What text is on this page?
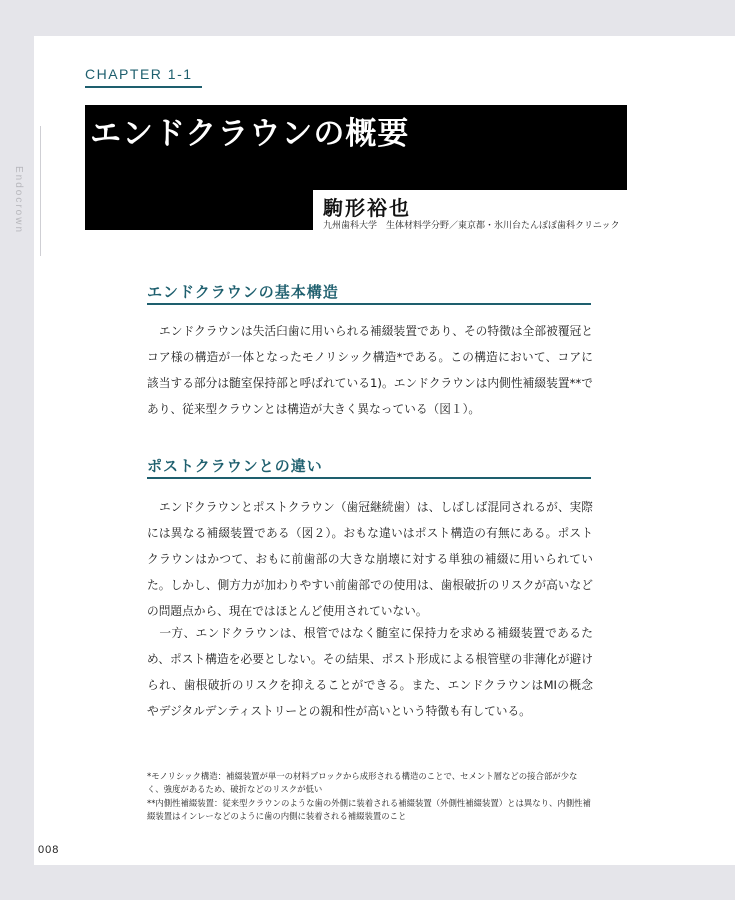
Endocrown
CHAPTER 1-1
エンドクラウンの概要
駒形裕也
九州歯科大学　生体材料学分野／東京都・氷川台たんぽぽ歯科クリニック
エンドクラウンの基本構造

エンドクラウンは失活臼歯に用いられる補綴装置であり、その特徴は全部被覆冠とコア様の構造が一体となったモノリシック構造*である。この構造において、コアに該当する部分は髄室保持部と呼ばれている1)。エンドクラウンは内側性補綴装置**であり、従来型クラウンとは構造が大きく異なっている（図１）。

ポストクラウンとの違い

エンドクラウンとポストクラウン（歯冠継続歯）は、しばしば混同されるが、実際には異なる補綴装置である（図２）。おもな違いはポスト構造の有無にある。ポストクラウンはかつて、おもに前歯部の大きな崩壊に対する単独の補綴に用いられていた。しかし、側方力が加わりやすい前歯部での使用は、歯根破折のリスクが高いなどの問題点から、現在ではほとんど使用されていない。

一方、エンドクラウンは、根管ではなく髄室に保持力を求める補綴装置であるため、ポスト構造を必要としない。その結果、ポスト形成による根管壁の非薄化が避けられ、歯根破折のリスクを抑えることができる。また、エンドクラウンはMIの概念やデジタルデンティストリーとの親和性が高いという特徴も有している。

*モノリシック構造：補綴装置が単一の材料ブロックから成形される構造のことで、セメント層などの接合部が少なく、強度があるため、破折などのリスクが低い

**内側性補綴装置：従来型クラウンのような歯の外側に装着される補綴装置（外側性補綴装置）とは異なり、内側性補綴装置はインレーなどのように歯の内側に装着される補綴装置のこと

008
